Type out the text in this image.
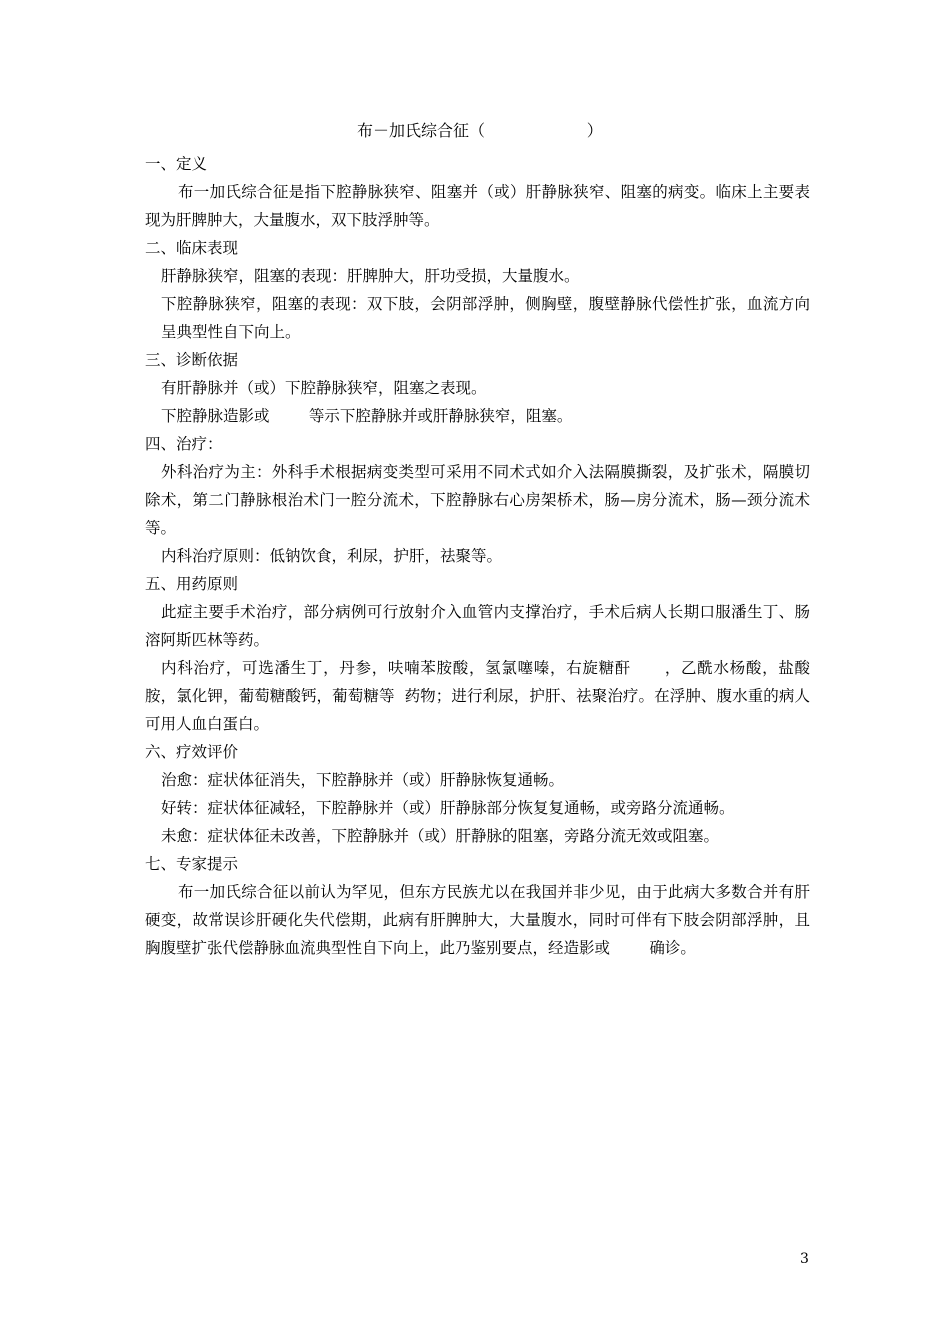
布－加氏综合征（                    ）
一、定义

布一加氏综合征是指下腔静脉狭窄、阻塞并（或）肝静脉狭窄、阻塞的病变。临床上主要表现为肝脾肿大，大量腹水，双下肢浮肿等。

二、临床表现

肝静脉狭窄，阻塞的表现：肝脾肿大，肝功受损，大量腹水。

下腔静脉狭窄，阻塞的表现：双下肢，会阴部浮肿，侧胸壁，腹壁静脉代偿性扩张，血流方向呈典型性自下向上。

三、诊断依据

有肝静脉并（或）下腔静脉狭窄，阻塞之表现。

下腔静脉造影或        等示下腔静脉并或肝静脉狭窄，阻塞。

四、治疗：

外科治疗为主：外科手术根据病变类型可采用不同术式如介入法隔膜撕裂，及扩张术，隔膜切除术，第二门静脉根治术门一腔分流术，下腔静脉右心房架桥术，肠—房分流术，肠—颈分流术等。

内科治疗原则：低钠饮食，利尿，护肝，祛聚等。

五、用药原则

此症主要手术治疗，部分病例可行放射介入血管内支撑治疗，手术后病人长期口服潘生丁、肠溶阿斯匹林等药。

内科治疗，可选潘生丁，丹参，呋喃苯胺酸，氢氯噻嗪，右旋糖酐      ，乙酰水杨酸，盐酸胺，氯化钾，葡萄糖酸钙，葡萄糖等  药物；进行利尿，护肝、祛聚治疗。在浮肿、腹水重的病人可用人血白蛋白。

六、疗效评价

治愈：症状体征消失，下腔静脉并（或）肝静脉恢复通畅。

好转：症状体征减轻，下腔静脉并（或）肝静脉部分恢复复通畅，或旁路分流通畅。

未愈：症状体征未改善，下腔静脉并（或）肝静脉的阻塞，旁路分流无效或阻塞。

七、专家提示

布一加氏综合征以前认为罕见，但东方民族尤以在我国并非少见，由于此病大多数合并有肝硬变，故常误诊肝硬化失代偿期，此病有肝脾肿大，大量腹水，同时可伴有下肢会阴部浮肿，且胸腹壁扩张代偿静脉血流典型性自下向上，此乃鉴别要点，经造影或        确诊。

3
